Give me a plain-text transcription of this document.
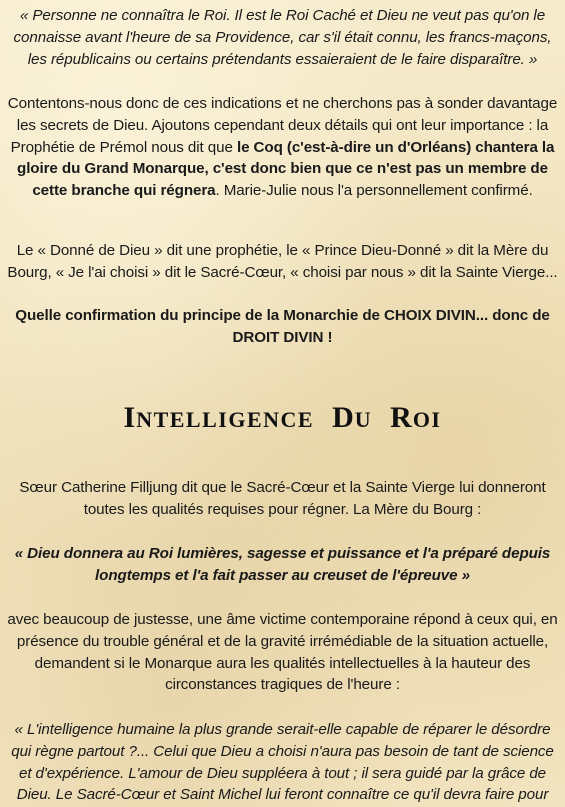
« Personne ne connaîtra le Roi. Il est le Roi Caché et Dieu ne veut pas qu'on le connaisse avant l'heure de sa Providence, car s'il était connu, les francs-maçons, les républicains ou certains prétendants essaieraient de le faire disparaître. »

Contentons-nous donc de ces indications et ne cherchons pas à sonder davantage les secrets de Dieu. Ajoutons cependant deux détails qui ont leur importance : la Prophétie de Prémol nous dit que le Coq (c'est-à-dire un d'Orléans) chantera la gloire du Grand Monarque, c'est donc bien que ce n'est pas un membre de cette branche qui régnera. Marie-Julie nous l'a personnellement confirmé.

Le « Donné de Dieu » dit une prophétie, le « Prince Dieu-Donné » dit la Mère du Bourg, « Je l'ai choisi » dit le Sacré-Cœur, « choisi par nous » dit la Sainte Vierge...

Quelle confirmation du principe de la Monarchie de CHOIX DIVIN... donc de DROIT DIVIN !

INTELLIGENCE DU ROI

Sœur Catherine Filljung dit que le Sacré-Cœur et la Sainte Vierge lui donneront toutes les qualités requises pour régner. La Mère du Bourg :

« Dieu donnera au Roi lumières, sagesse et puissance et l'a préparé depuis longtemps et l'a fait passer au creuset de l'épreuve »

avec beaucoup de justesse, une âme victime contemporaine répond à ceux qui, en présence du trouble général et de la gravité irrémédiable de la situation actuelle, demandent si le Monarque aura les qualités intellectuelles à la hauteur des circonstances tragiques de l'heure :

« L'intelligence humaine la plus grande serait-elle capable de réparer le désordre qui règne partout ?... Celui que Dieu a choisi n'aura pas besoin de tant de science et d'expérience. L'amour de Dieu suppléera à tout ; il sera guidé par la grâce de Dieu. Le Sacré-Cœur et Saint Michel lui feront connaître ce qu'il devra faire pour
